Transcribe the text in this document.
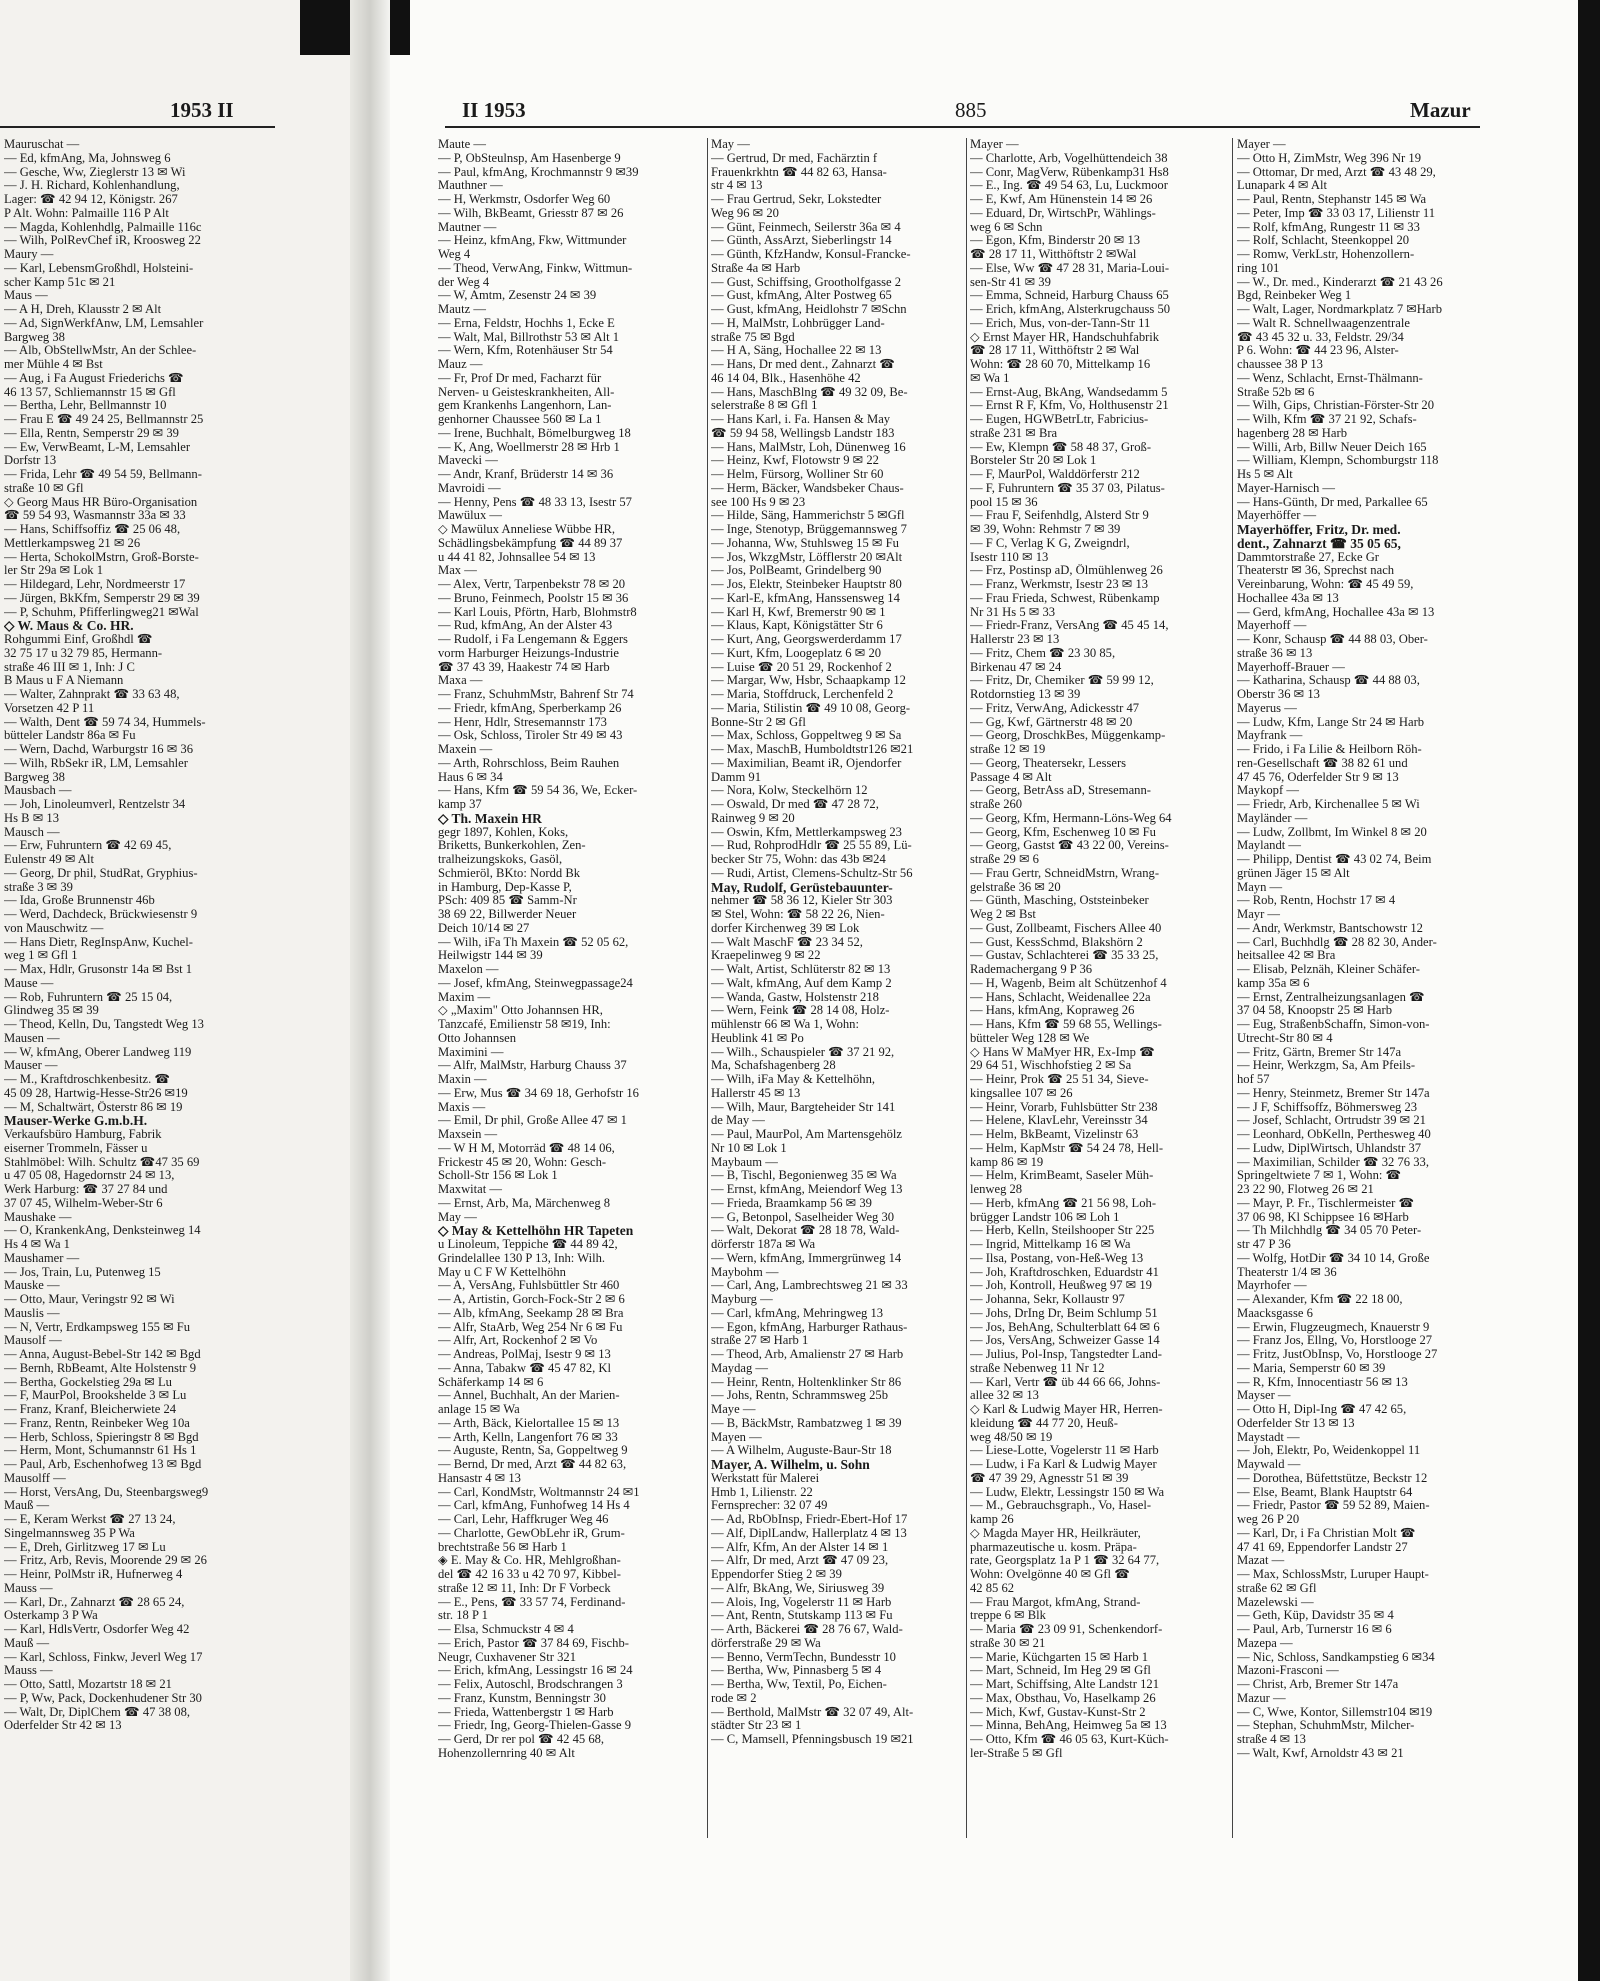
1953 II	II 1953	885	Mazur
Mauruschat —
— Ed, kfmAng, Ma, Johnsweg 6
— Gesche, Ww, Zieglerstr 13 ✉ Wi
— J. H. Richard, Kohlenhandlung,
Lager: ☎ 42 94 12, Königstr. 267
P Alt. Wohn: Palmaille 116 P Alt
— Magda, Kohlenhdlg, Palmaille 116c
— Wilh, PolRevChef iR, Kroosweg 22
Maury —
— Karl, LebensmGroßhdl, Holsteini-
scher Kamp 51c ✉ 21
Maus —
— A H, Dreh, Klausstr 2 ✉ Alt
— Ad, SignWerkfAnw, LM, Lemsahler
Bargweg 38
— Alb, ObStellwMstr, An der Schlee-
mer Mühle 4 ✉ Bst
— Aug, i Fa August Friederichs ☎
46 13 57, Schliemannstr 15 ✉ Gfl
— Bertha, Lehr, Bellmannstr 10
— Frau E ☎ 49 24 25, Bellmannstr 25
— Ella, Rentn, Semperstr 29 ✉ 39
— Ew, VerwBeamt, L-M, Lemsahler
Dorfstr 13
— Frida, Lehr ☎ 49 54 59, Bellmann-
straße 10 ✉ Gfl
◇ Georg Maus HR Büro-Organisation
☎ 59 54 93, Wasmannstr 33a ✉ 33
— Hans, Schiffsoffiz ☎ 25 06 48,
Mettlerkampsweg 21 ✉ 26
— Herta, SchokolMstrn, Groß-Borste-
ler Str 29a ✉ Lok 1
— Hildegard, Lehr, Nordmeerstr 17
— Jürgen, BkKfm, Semperstr 29 ✉ 39
— P, Schuhm, Pfifferlingweg21 ✉Wal
◇ W. Maus & Co. HR.
Rohgummi Einf, Großhdl ☎
32 75 17 u 32 79 85, Hermann-
straße 46 III ✉ 1, Inh: J C
B Maus u F A Niemann
— Walter, Zahnprakt ☎ 33 63 48,
Vorsetzen 42 P 11
— Walth, Dent ☎ 59 74 34, Hummels-
bütteler Landstr 86a ✉ Fu
— Wern, Dachd, Warburgstr 16 ✉ 36
— Wilh, RbSekr iR, LM, Lemsahler
Bargweg 38
Mausbach —
— Joh, Linoleumverl, Rentzelstr 34
Hs B ✉ 13
Mausch —
— Erw, Fuhruntern ☎ 42 69 45,
Eulenstr 49 ✉ Alt
— Georg, Dr phil, StudRat, Gryphius-
straße 3 ✉ 39
— Ida, Große Brunnenstr 46b
— Werd, Dachdeck, Brückwiesenstr 9
von Mauschwitz —
— Hans Dietr, RegInspAnw, Kuchel-
weg 1 ✉ Gfl 1
— Max, Hdlr, Grusonstr 14a ✉ Bst 1
Mause —
— Rob, Fuhruntern ☎ 25 15 04,
Glindweg 35 ✉ 39
— Theod, Kelln, Du, Tangstedt Weg 13
Mausen —
— W, kfmAng, Oberer Landweg 119
Mauser —
— M., Kraftdroschkenbesitz. ☎
45 09 28, Hartwig-Hesse-Str26 ✉19
— M, Schaltwärt, Österstr 86 ✉ 19
Mauser-Werke G.m.b.H.
Verkaufsbüro Hamburg, Fabrik
eiserner Trommeln, Fässer u
Stahlmöbel: Wilh. Schultz ☎47 35 69
u 47 05 08, Hagedornstr 24 ✉ 13,
Werk Harburg: ☎ 37 27 84 und
37 07 45, Wilhelm-Weber-Str 6
Maushake —
— O, KrankenkAng, Denksteinweg 14
Hs 4 ✉ Wa 1
Maushamer —
— Jos, Train, Lu, Putenweg 15
Mauske —
— Otto, Maur, Veringstr 92 ✉ Wi
Mauslis —
— N, Vertr, Erdkampsweg 155 ✉ Fu
Mausolf —
— Anna, August-Bebel-Str 142 ✉ Bgd
— Bernh, RbBeamt, Alte Holstenstr 9
— Bertha, Gockelstieg 29a ✉ Lu
— F, MaurPol, Brookshelde 3 ✉ Lu
— Franz, Kranf, Bleicherwiete 24
— Franz, Rentn, Reinbeker Weg 10a
— Herb, Schloss, Spieringstr 8 ✉ Bgd
— Herm, Mont, Schumannstr 61 Hs 1
— Paul, Arb, Eschenhofweg 13 ✉ Bgd
Mausolff —
— Horst, VersAng, Du, Steenbargsweg9
Mauß —
— E, Keram Werkst ☎ 27 13 24,
Singelmannsweg 35 P Wa
— E, Dreh, Girlitzweg 17 ✉ Lu
— Fritz, Arb, Revis, Moorende 29 ✉ 26
— Heinr, PolMstr iR, Hufnerweg 4
Mauss —
— Karl, Dr., Zahnarzt ☎ 28 65 24,
Osterkamp 3 P Wa
— Karl, HdlsVertr, Osdorfer Weg 42
Mauß —
— Karl, Schloss, Finkw, Jeverl Weg 17
Mauss —
— Otto, Sattl, Mozartstr 18 ✉ 21
— P, Ww, Pack, Dockenhudener Str 30
— Walt, Dr, DiplChem ☎ 47 38 08,
Oderfelder Str 42 ✉ 13
Maute —
— P, ObSteulnsp, Am Hasenberge 9
— Paul, kfmAng, Krochmannstr 9 ✉39
Mauthner —
— H, Werkmstr, Osdorfer Weg 60
— Wilh, BkBeamt, Griesstr 87 ✉ 26
Mautner —
— Heinz, kfmAng, Fkw, Wittmunder
Weg 4
— Theod, VerwAng, Finkw, Wittmun-
der Weg 4
— W, Amtm, Zesenstr 24 ✉ 39
Mautz —
— Erna, Feldstr, Hochhs 1, Ecke E
— Walt, Mal, Billrothstr 53 ✉ Alt 1
— Wern, Kfm, Rotenhäuser Str 54
Mauz —
— Fr, Prof Dr med, Facharzt für
Nerven- u Geisteskrankheiten, All-
gem Krankenhs Langenhorn, Lan-
genhorner Chaussee 560 ✉ La 1
— Irene, Buchhalt, Bömelburgweg 18
— K, Ang, Woellmerstr 28 ✉ Hrb 1
Mavecki —
— Andr, Kranf, Brüderstr 14 ✉ 36
Mavroidi —
— Henny, Pens ☎ 48 33 13, Isestr 57
Mawülux —
◇ Mawülux Anneliese Wübbe HR,
Schädlingsbekämpfung ☎ 44 89 37
u 44 41 82, Johnsallee 54 ✉ 13
Max —
— Alex, Vertr, Tarpenbekstr 78 ✉ 20
— Bruno, Feinmech, Poolstr 15 ✉ 36
— Karl Louis, Pförtn, Harb, Blohmstr8
— Rud, kfmAng, An der Alster 43
— Rudolf, i Fa Lengemann & Eggers
vorm Harburger Heizungs-Industrie
☎ 37 43 39, Haakestr 74 ✉ Harb
Maxa —
— Franz, SchuhmMstr, Bahrenf Str 74
— Friedr, kfmAng, Sperberkamp 26
— Henr, Hdlr, Stresemannstr 173
— Osk, Schloss, Tiroler Str 49 ✉ 43
Maxein —
— Arth, Rohrschloss, Beim Rauhen
Haus 6 ✉ 34
— Hans, Kfm ☎ 59 54 36, We, Ecker-
kamp 37
◇ Th. Maxein HR
gegr 1897, Kohlen, Koks,
Briketts, Bunkerkohlen, Zen-
tralheizungskoks, Gasöl,
Schmieröl, BKto: Nordd Bk
in Hamburg, Dep-Kasse P,
PSch: 409 85 ☎ Samm-Nr
38 69 22, Billwerder Neuer
Deich 10/14 ✉ 27
— Wilh, iFa Th Maxein ☎ 52 05 62,
Heilwigstr 144 ✉ 39
Maxelon —
— Josef, kfmAng, Steinwegpassage24
Maxim —
◇ „Maxim" Otto Johannsen HR,
Tanzcafé, Emilienstr 58 ✉19, Inh:
Otto Johannsen
Maximini —
— Alfr, MalMstr, Harburg Chauss 37
Maxin —
— Erw, Mus ☎ 34 69 18, Gerhofstr 16
Maxis —
— Emil, Dr phil, Große Allee 47 ✉ 1
Maxsein —
— W H M, Motorräd ☎ 48 14 06,
Frickestr 45 ✉ 20, Wohn: Gesch-
Scholl-Str 156 ✉ Lok 1
Maxwitat —
— Ernst, Arb, Ma, Märchenweg 8
May —
◇ May & Kettelhöhn HR Tapeten
u Linoleum, Teppiche ☎ 44 89 42,
Grindelallee 130 P 13, Inh: Wilh.
May u C F W Kettelhöhn
— A, VersAng, Fuhlsbüttler Str 460
— A, Artistin, Gorch-Fock-Str 2 ✉ 6
— Alb, kfmAng, Seekamp 28 ✉ Bra
— Alfr, StaArb, Weg 254 Nr 6 ✉ Fu
— Alfr, Art, Rockenhof 2 ✉ Vo
— Andreas, PolMaj, Isestr 9 ✉ 13
— Anna, Tabakw ☎ 45 47 82, Kl
Schäferkamp 14 ✉ 6
— Annel, Buchhalt, An der Marien-
anlage 15 ✉ Wa
— Arth, Bäck, Kielortallee 15 ✉ 13
— Arth, Kelln, Langenfort 76 ✉ 33
— Auguste, Rentn, Sa, Goppeltweg 9
— Bernd, Dr med, Arzt ☎ 44 82 63,
Hansastr 4 ✉ 13
— Carl, KondMstr, Woltmannstr 24 ✉1
— Carl, kfmAng, Funhofweg 14 Hs 4
— Carl, Lehr, Haffkruger Weg 46
— Charlotte, GewObLehr iR, Grum-
brechtstraße 56 ✉ Harb 1
◈ E. May & Co. HR, Mehlgroßhan-
del ☎ 42 16 33 u 42 70 97, Kibbel-
straße 12 ✉ 11, Inh: Dr F Vorbeck
— E., Pens, ☎ 33 57 74, Ferdinand-
str. 18 P 1
— Elsa, Schmuckstr 4 ✉ 4
— Erich, Pastor ☎ 37 84 69, Fischb-
Neugr, Cuxhavener Str 321
— Erich, kfmAng, Lessingstr 16 ✉ 24
— Felix, Autoschl, Brodschrangen 3
— Franz, Kunstm, Benningstr 30
— Frieda, Wattenbergstr 1 ✉ Harb
— Friedr, Ing, Georg-Thielen-Gasse 9
— Gerd, Dr rer pol ☎ 42 45 68,
Hohenzollernring 40 ✉ Alt
May —
— Gertrud, Dr med, Fachärztin f
Frauenkrkhtn ☎ 44 82 63, Hansa-
str 4 ✉ 13
— Frau Gertrud, Sekr, Lokstedter
Weg 96 ✉ 20
— Günt, Feinmech, Seilerstr 36a ✉ 4
— Günth, AssArzt, Sieberlingstr 14
— Günth, KfzHandw, Konsul-Francke-
Straße 4a ✉ Harb
— Gust, Schiffsing, Grootholfgasse 2
— Gust, kfmAng, Alter Postweg 65
— Gust, kfmAng, Heidlohstr 7 ✉Schn
— H, MalMstr, Lohbrügger Land-
straße 75 ✉ Bgd
— H A, Säng, Hochallee 22 ✉ 13
— Hans, Dr med dent., Zahnarzt ☎
46 14 04, Blk., Hasenhöhe 42
— Hans, MaschBlng ☎ 49 32 09, Be-
selerstraße 8 ✉ Gfl 1
— Hans Karl, i. Fa. Hansen & May
☎ 59 94 58, Wellingsb Landstr 183
— Hans, MalMstr, Loh, Dünenweg 16
— Heinz, Kwf, Flotowstr 9 ✉ 22
— Helm, Fürsorg, Wolliner Str 60
— Herm, Bäcker, Wandsbeker Chaus-
see 100 Hs 9 ✉ 23
— Hilde, Säng, Hammerichstr 5 ✉Gfl
— Inge, Stenotyp, Brüggemannsweg 7
— Johanna, Ww, Stuhlsweg 15 ✉ Fu
— Jos, WkzgMstr, Löfflerstr 20 ✉Alt
— Jos, PolBeamt, Grindelberg 90
— Jos, Elektr, Steinbeker Hauptstr 80
— Karl-E, kfmAng, Hanssensweg 14
— Karl H, Kwf, Bremerstr 90 ✉ 1
— Klaus, Kapt, Königstätter Str 6
— Kurt, Ang, Georgswerderdamm 17
— Kurt, Kfm, Loogeplatz 6 ✉ 20
— Luise ☎ 20 51 29, Rockenhof 2
— Margar, Ww, Hsbr, Schaapkamp 12
— Maria, Stoffdruck, Lerchenfeld 2
— Maria, Stilistin ☎ 49 10 08, Georg-
Bonne-Str 2 ✉ Gfl
— Max, Schloss, Goppeltweg 9 ✉ Sa
— Max, MaschB, Humboldtstr126 ✉21
— Maximilian, Beamt iR, Ojendorfer
Damm 91
— Nora, Kolw, Steckelhörn 12
— Oswald, Dr med ☎ 47 28 72,
Rainweg 9 ✉ 20
— Oswin, Kfm, Mettlerkampsweg 23
— Rud, RohprodHdlr ☎ 25 55 89, Lü-
becker Str 75, Wohn: das 43b ✉24
— Rudi, Artist, Clemens-Schultz-Str 56
May, Rudolf, Gerüstebauunter-
nehmer ☎ 58 36 12, Kieler Str 303
✉ Stel, Wohn: ☎ 58 22 26, Nien-
dorfer Kirchenweg 39 ✉ Lok
— Walt MaschF ☎ 23 34 52,
Kraepelinweg 9 ✉ 22
— Walt, Artist, Schlüterstr 82 ✉ 13
— Walt, kfmAng, Auf dem Kamp 2
— Wanda, Gastw, Holstenstr 218
— Wern, Feink ☎ 28 14 08, Holz-
mühlenstr 66 ✉ Wa 1, Wohn:
Heublink 41 ✉ Po
— Wilh., Schauspieler ☎ 37 21 92,
Ma, Schafshagenberg 28
— Wilh, iFa May & Kettelhöhn,
Hallerstr 45 ✉ 13
— Wilh, Maur, Bargteheider Str 141
de May —
— Paul, MaurPol, Am Martensgehölz
Nr 10 ✉ Lok 1
Maybaum —
— B, Tischl, Begonienweg 35 ✉ Wa
— Ernst, kfmAng, Meiendorf Weg 13
— Frieda, Braamkamp 56 ✉ 39
— G, Betonpol, Saselheider Weg 30
— Walt, Dekorat ☎ 28 18 78, Wald-
dörferstr 187a ✉ Wa
— Wern, kfmAng, Immergrünweg 14
Maybohm —
— Carl, Ang, Lambrechtsweg 21 ✉ 33
Mayburg —
— Carl, kfmAng, Mehringweg 13
— Egon, kfmAng, Harburger Rathaus-
straße 27 ✉ Harb 1
— Theod, Arb, Amalienstr 27 ✉ Harb
Maydag —
— Heinr, Rentn, Holtenklinker Str 86
— Johs, Rentn, Schrammsweg 25b
Maye —
— B, BäckMstr, Rambatzweg 1 ✉ 39
Mayen —
— A Wilhelm, Auguste-Baur-Str 18
Mayer, A. Wilhelm, u. Sohn
Werkstatt für Malerei
Hmb 1, Lilienstr. 22
Fernsprecher: 32 07 49
— Ad, RbObInsp, Friedr-Ebert-Hof 17
— Alf, DiplLandw, Hallerplatz 4 ✉ 13
— Alfr, Kfm, An der Alster 14 ✉ 1
— Alfr, Dr med, Arzt ☎ 47 09 23,
Eppendorfer Stieg 2 ✉ 39
— Alfr, BkAng, We, Siriusweg 39
— Alois, Ing, Vogelerstr 11 ✉ Harb
— Ant, Rentn, Stutskamp 113 ✉ Fu
— Arth, Bäckerei ☎ 28 76 67, Wald-
dörferstraße 29 ✉ Wa
— Benno, VermTechn, Bundesstr 10
— Bertha, Ww, Pinnasberg 5 ✉ 4
— Bertha, Ww, Textil, Po, Eichen-
rode ✉ 2
— Berthold, MalMstr ☎ 32 07 49, Alt-
städter Str 23 ✉ 1
— C, Mamsell, Pfenningsbusch 19 ✉21
Mayer —
— Charlotte, Arb, Vogelhüttendeich 38
— Conr, MagVerw, Rübenkamp31 Hs8
— E., Ing. ☎ 49 54 63, Lu, Luckmoor
— E, Kwf, Am Hünenstein 14 ✉ 26
— Eduard, Dr, WirtschPr, Wählings-
weg 6 ✉ Schn
— Egon, Kfm, Binderstr 20 ✉ 13
☎ 28 17 11, Witthöftstr 2 ✉Wal
— Else, Ww ☎ 47 28 31, Maria-Loui-
sen-Str 41 ✉ 39
— Emma, Schneid, Harburg Chauss 65
— Erich, kfmAng, Alsterkrugchauss 50
— Erich, Mus, von-der-Tann-Str 11
◇ Ernst Mayer HR, Handschuhfabrik
☎ 28 17 11, Witthöftstr 2 ✉ Wal
Wohn: ☎ 28 60 70, Mittelkamp 16
✉ Wa 1
— Ernst-Aug, BkAng, Wandsedamm 5
— Ernst R F, Kfm, Vo, Holthusenstr 21
— Eugen, HGWBetrLtr, Fabricius-
straße 231 ✉ Bra
— Ew, Klempn ☎ 58 48 37, Groß-
Borsteler Str 20 ✉ Lok 1
— F, MaurPol, Walddörferstr 212
— F, Fuhruntern ☎ 35 37 03, Pilatus-
pool 15 ✉ 36
— Frau F, Seifenhdlg, Alsterd Str 9
✉ 39, Wohn: Rehmstr 7 ✉ 39
— F C, Verlag K G, Zweigndrl,
Isestr 110 ✉ 13
— Frz, Postinsp aD, Ölmühlenweg 26
— Franz, Werkmstr, Isestr 23 ✉ 13
— Frau Frieda, Schwest, Rübenkamp
Nr 31 Hs 5 ✉ 33
— Friedr-Franz, VersAng ☎ 45 45 14,
Hallerstr 23 ✉ 13
— Fritz, Chem ☎ 23 30 85,
Birkenau 47 ✉ 24
— Fritz, Dr, Chemiker ☎ 59 99 12,
Rotdornstieg 13 ✉ 39
— Fritz, VerwAng, Adickesstr 47
— Gg, Kwf, Gärtnerstr 48 ✉ 20
— Georg, DroschkBes, Müggenkamp-
straße 12 ✉ 19
— Georg, Theatersekr, Lessers
Passage 4 ✉ Alt
— Georg, BetrAss aD, Stresemann-
straße 260
— Georg, Kfm, Hermann-Löns-Weg 64
— Georg, Kfm, Eschenweg 10 ✉ Fu
— Georg, Gastst ☎ 43 22 00, Vereins-
straße 29 ✉ 6
— Frau Gertr, SchneidMstrn, Wrang-
gelstraße 36 ✉ 20
— Günth, Masching, Oststeinbeker
Weg 2 ✉ Bst
— Gust, Zollbeamt, Fischers Allee 40
— Gust, KessSchmd, Blakshörn 2
— Gustav, Schlachterei ☎ 35 33 25,
Rademachergang 9 P 36
— H, Wagenb, Beim alt Schützenhof 4
— Hans, Schlacht, Weidenallee 22a
— Hans, kfmAng, Kopraweg 26
— Hans, Kfm ☎ 59 68 55, Wellings-
bütteler Weg 128 ✉ We
◇ Hans W MaMyer HR, Ex-Imp ☎
29 64 51, Wischhofstieg 2 ✉ Sa
— Heinr, Prok ☎ 25 51 34, Sieve-
kingsallee 107 ✉ 26
— Heinr, Vorarb, Fuhlsbütter Str 238
— Helene, KlavLehr, Vereinsstr 34
— Helm, BkBeamt, Vizelinstr 63
— Helm, KapMstr ☎ 54 24 78, Hell-
kamp 86 ✉ 19
— Helm, KrimBeamt, Saseler Müh-
lenweg 28
— Herb, kfmAng ☎ 21 56 98, Loh-
brügger Landstr 106 ✉ Loh 1
— Herb, Kelln, Steilshooper Str 225
— Ingrid, Mittelkamp 16 ✉ Wa
— Ilsa, Postang, von-Heß-Weg 13
— Joh, Kraftdroschken, Eduardstr 41
— Joh, Kontroll, Heußweg 97 ✉ 19
— Johanna, Sekr, Kollaustr 97
— Johs, DrIng Dr, Beim Schlump 51
— Jos, BehAng, Schulterblatt 64 ✉ 6
— Jos, VersAng, Schweizer Gasse 14
— Julius, Pol-Insp, Tangstedter Land-
straße Nebenweg 11 Nr 12
— Karl, Vertr ☎ üb 44 66 66, Johns-
allee 32 ✉ 13
◇ Karl & Ludwig Mayer HR, Herren-
kleidung ☎ 44 77 20, Heuß-
weg 48/50 ✉ 19
— Liese-Lotte, Vogelerstr 11 ✉ Harb
— Ludw, i Fa Karl & Ludwig Mayer
☎ 47 39 29, Agnesstr 51 ✉ 39
— Ludw, Elektr, Lessingstr 150 ✉ Wa
— M., Gebrauchsgraph., Vo, Hasel-
kamp 26
◇ Magda Mayer HR, Heilkräuter,
pharmazeutische u. kosm. Präpa-
rate, Georgsplatz 1a P 1 ☎ 32 64 77,
Wohn: Ovelgönne 40 ✉ Gfl ☎
42 85 62
— Frau Margot, kfmAng, Strand-
treppe 6 ✉ Blk
— Maria ☎ 23 09 91, Schenkendorf-
straße 30 ✉ 21
— Marie, Küchgarten 15 ✉ Harb 1
— Mart, Schneid, Im Heg 29 ✉ Gfl
— Mart, Schiffsing, Alte Landstr 121
— Max, Obsthau, Vo, Haselkamp 26
— Mich, Kwf, Gustav-Kunst-Str 2
— Minna, BehAng, Heimweg 5a ✉ 13
— Otto, Kfm ☎ 46 05 63, Kurt-Küch-
ler-Straße 5 ✉ Gfl
Mayer —
— Otto H, ZimMstr, Weg 396 Nr 19
— Ottomar, Dr med, Arzt ☎ 43 48 29,
Lunapark 4 ✉ Alt
— Paul, Rentn, Stephanstr 145 ✉ Wa
— Peter, Imp ☎ 33 03 17, Lilienstr 11
— Rolf, kfmAng, Rungestr 11 ✉ 33
— Rolf, Schlacht, Steenkoppel 20
— Romw, VerkLstr, Hohenzollern-
ring 101
— W., Dr. med., Kinderarzt ☎ 21 43 26
Bgd, Reinbeker Weg 1
— Walt, Lager, Nordmarkplatz 7 ✉Harb
— Walt R. Schnellwaagenzentrale
☎ 43 45 32 u. 33, Feldstr. 29/34
P 6. Wohn: ☎ 44 23 96, Alster-
chaussee 38 P 13
— Wenz, Schlacht, Ernst-Thälmann-
Straße 52b ✉ 6
— Wilh, Gips, Christian-Förster-Str 20
— Wilh, Kfm ☎ 37 21 92, Schafs-
hagenberg 28 ✉ Harb
— Willi, Arb, Billw Neuer Deich 165
— William, Klempn, Schomburgstr 118
Hs 5 ✉ Alt
Mayer-Harnisch —
— Hans-Günth, Dr med, Parkallee 65
Mayerhöffer —
Mayerhöffer, Fritz, Dr. med.
dent., Zahnarzt ☎ 35 05 65,
Dammtorstraße 27, Ecke Gr
Theaterstr ✉ 36, Sprechst nach
Vereinbarung, Wohn: ☎ 45 49 59,
Hochallee 43a ✉ 13
— Gerd, kfmAng, Hochallee 43a ✉ 13
Mayerhoff —
— Konr, Schausp ☎ 44 88 03, Ober-
straße 36 ✉ 13
Mayerhoff-Brauer —
— Katharina, Schausp ☎ 44 88 03,
Oberstr 36 ✉ 13
Mayerus —
— Ludw, Kfm, Lange Str 24 ✉ Harb
Mayfrank —
— Frido, i Fa Lilie & Heilborn Röh-
ren-Gesellschaft ☎ 38 82 61 und
47 45 76, Oderfelder Str 9 ✉ 13
Maykopf —
— Friedr, Arb, Kirchenallee 5 ✉ Wi
Mayländer —
— Ludw, Zollbmt, Im Winkel 8 ✉ 20
Maylandt —
— Philipp, Dentist ☎ 43 02 74, Beim
grünen Jäger 15 ✉ Alt
Mayn —
— Rob, Rentn, Hochstr 17 ✉ 4
Mayr —
— Andr, Werkmstr, Bantschowstr 12
— Carl, Buchhdlg ☎ 28 82 30, Ander-
heitsallee 42 ✉ Bra
— Elisab, Pelznäh, Kleiner Schäfer-
kamp 35a ✉ 6
— Ernst, Zentralheizungsanlagen ☎
37 04 58, Knoopstr 25 ✉ Harb
— Eug, StraßenbSchaffn, Simon-von-
Utrecht-Str 80 ✉ 4
— Fritz, Gärtn, Bremer Str 147a
— Heinr, Werkzgm, Sa, Am Pfeils-
hof 57
— Henry, Steinmetz, Bremer Str 147a
— J F, Schiffsoffz, Böhmersweg 23
— Josef, Schlacht, Ortrudstr 39 ✉ 21
— Leonhard, ObKelln, Perthesweg 40
— Ludw, DiplWirtsch, Uhlandstr 37
— Maximilian, Schilder ☎ 32 76 33,
Springeltwiete 7 ✉ 1, Wohn: ☎
23 22 90, Flotweg 26 ✉ 21
— Mayr, P. Fr., Tischlermeister ☎
37 06 98, Kl Schippsee 16 ✉Harb
— Th Milchhdlg ☎ 34 05 70 Peter-
str 47 P 36
— Wolfg, HotDir ☎ 34 10 14, Große
Theaterstr 1/4 ✉ 36
Mayrhofer —
— Alexander, Kfm ☎ 22 18 00,
Maacksgasse 6
— Erwin, Flugzeugmech, Knauerstr 9
— Franz Jos, Ellng, Vo, Horstlooge 27
— Fritz, JustObInsp, Vo, Horstlooge 27
— Maria, Semperstr 60 ✉ 39
— R, Kfm, Innocentiastr 56 ✉ 13
Mayser —
— Otto H, Dipl-Ing ☎ 47 42 65,
Oderfelder Str 13 ✉ 13
Maystadt —
— Joh, Elektr, Po, Weidenkoppel 11
Maywald —
— Dorothea, Büfettstütze, Beckstr 12
— Else, Beamt, Blank Hauptstr 64
— Friedr, Pastor ☎ 59 52 89, Maien-
weg 26 P 20
— Karl, Dr, i Fa Christian Molt ☎
47 41 69, Eppendorfer Landstr 27
Mazat —
— Max, SchlossMstr, Luruper Haupt-
straße 62 ✉ Gfl
Mazelewski —
— Geth, Küp, Davidstr 35 ✉ 4
— Paul, Arb, Turnerstr 16 ✉ 6
Mazepa —
— Nic, Schloss, Sandkampstieg 6 ✉34
Mazoni-Frasconi —
— Christ, Arb, Bremer Str 147a
Mazur —
— C, Wwe, Kontor, Sillemstr104 ✉19
— Stephan, SchuhmMstr, Milcher-
straße 4 ✉ 13
— Walt, Kwf, Arnoldstr 43 ✉ 21
